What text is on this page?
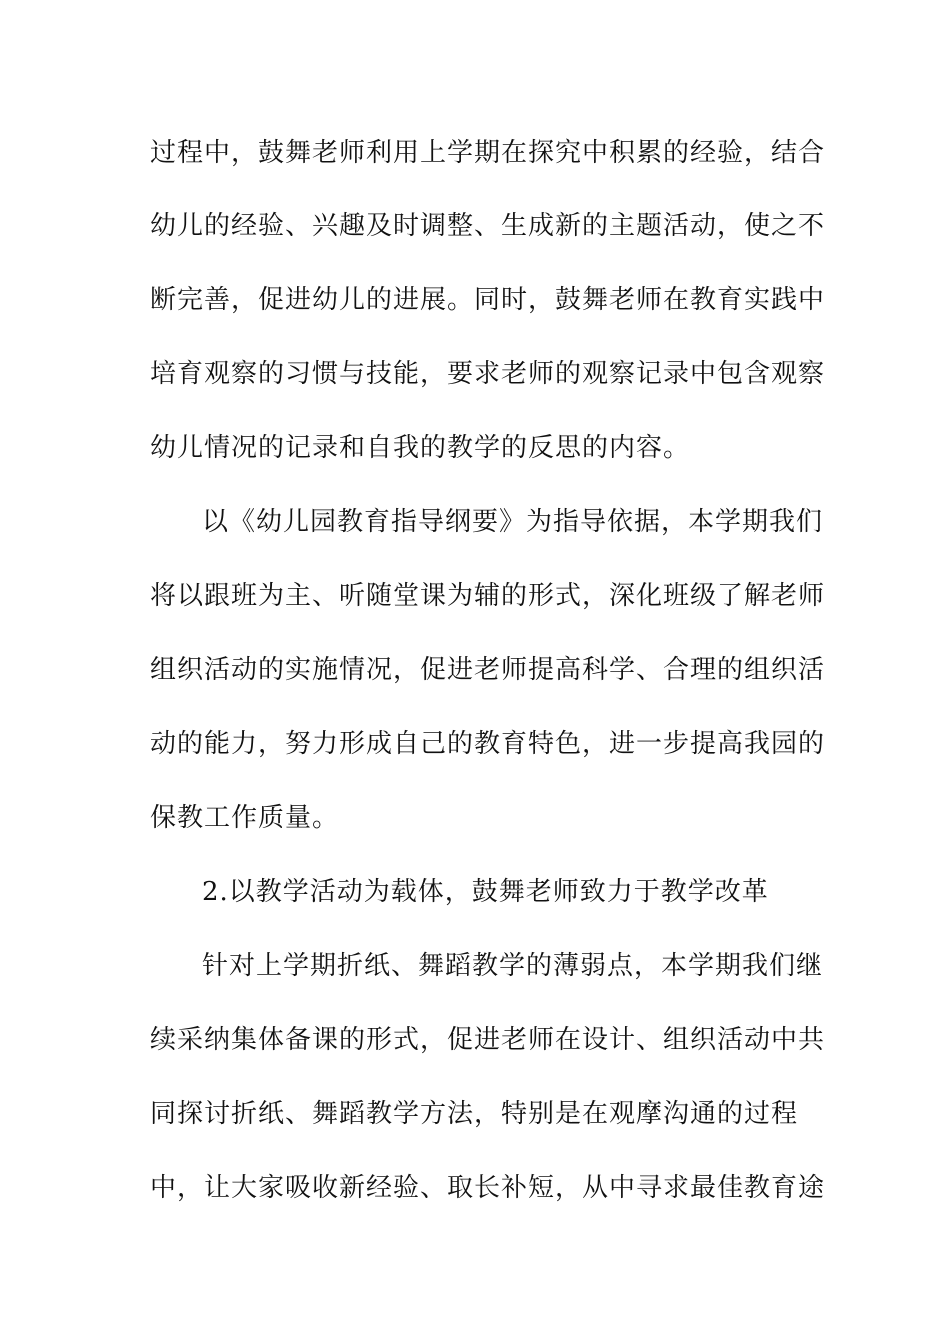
过程中，鼓舞老师利用上学期在探究中积累的经验，结合
幼儿的经验、兴趣及时调整、生成新的主题活动，使之不
断完善，促进幼儿的进展。同时，鼓舞老师在教育实践中
培育观察的习惯与技能，要求老师的观察记录中包含观察
幼儿情况的记录和自我的教学的反思的内容。
以《幼儿园教育指导纲要》为指导依据，本学期我们
将以跟班为主、听随堂课为辅的形式，深化班级了解老师
组织活动的实施情况，促进老师提高科学、合理的组织活
动的能力，努力形成自己的教育特色，进一步提高我园的
保教工作质量。
2.以教学活动为载体，鼓舞老师致力于教学改革
针对上学期折纸、舞蹈教学的薄弱点，本学期我们继
续采纳集体备课的形式，促进老师在设计、组织活动中共
同探讨折纸、舞蹈教学方法，特别是在观摩沟通的过程
中，让大家吸收新经验、取长补短，从中寻求最佳教育途
